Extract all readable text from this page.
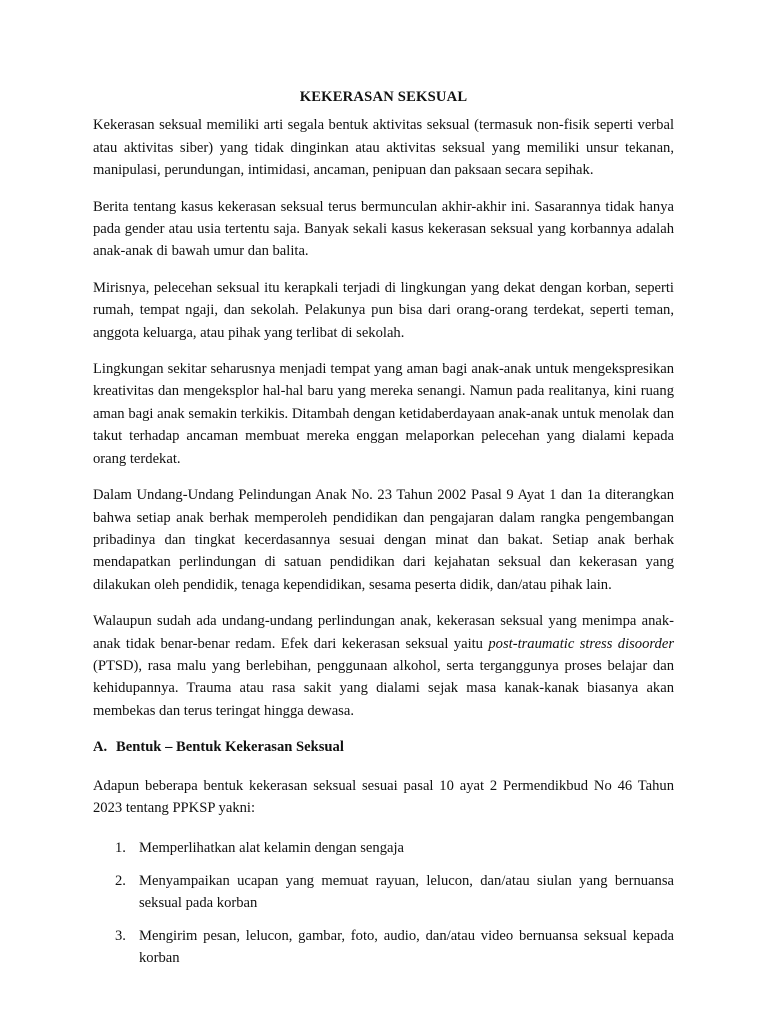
KEKERASAN SEKSUAL

Kekerasan seksual memiliki arti segala bentuk aktivitas seksual (termasuk non-fisik seperti verbal atau aktivitas siber) yang tidak dinginkan atau aktivitas seksual yang memiliki unsur tekanan, manipulasi, perundungan, intimidasi, ancaman, penipuan dan paksaan secara sepihak.

Berita tentang kasus kekerasan seksual terus bermunculan akhir-akhir ini. Sasarannya tidak hanya pada gender atau usia tertentu saja. Banyak sekali kasus kekerasan seksual yang korbannya adalah anak-anak di bawah umur dan balita.

Mirisnya, pelecehan seksual itu kerapkali terjadi di lingkungan yang dekat dengan korban, seperti rumah, tempat ngaji, dan sekolah. Pelakunya pun bisa dari orang-orang terdekat, seperti teman, anggota keluarga, atau pihak yang terlibat di sekolah.

Lingkungan sekitar seharusnya menjadi tempat yang aman bagi anak-anak untuk mengekspresikan kreativitas dan mengeksplor hal-hal baru yang mereka senangi. Namun pada realitanya, kini ruang aman bagi anak semakin terkikis. Ditambah dengan ketidaberdayaan anak-anak untuk menolak dan takut terhadap ancaman membuat mereka enggan melaporkan pelecehan yang dialami kepada orang terdekat.

Dalam Undang-Undang Pelindungan Anak No. 23 Tahun 2002 Pasal 9 Ayat 1 dan 1a diterangkan bahwa setiap anak berhak memperoleh pendidikan dan pengajaran dalam rangka pengembangan pribadinya dan tingkat kecerdasannya sesuai dengan minat dan bakat. Setiap anak berhak mendapatkan perlindungan di satuan pendidikan dari kejahatan seksual dan kekerasan yang dilakukan oleh pendidik, tenaga kependidikan, sesama peserta didik, dan/atau pihak lain.

Walaupun sudah ada undang-undang perlindungan anak, kekerasan seksual yang menimpa anak-anak tidak benar-benar redam. Efek dari kekerasan seksual yaitu post-traumatic stress disoorder (PTSD), rasa malu yang berlebihan, penggunaan alkohol, serta terganggunya proses belajar dan kehidupannya. Trauma atau rasa sakit yang dialami sejak masa kanak-kanak biasanya akan membekas dan terus teringat hingga dewasa.

A. Bentuk – Bentuk Kekerasan Seksual

Adapun beberapa bentuk kekerasan seksual sesuai pasal 10 ayat 2 Permendikbud No 46 Tahun 2023 tentang PPKSP yakni:

1. Memperlihatkan alat kelamin dengan sengaja
2. Menyampaikan ucapan yang memuat rayuan, lelucon, dan/atau siulan yang bernuansa seksual pada korban
3. Mengirim pesan, lelucon, gambar, foto, audio, dan/atau video bernuansa seksual kepada korban
